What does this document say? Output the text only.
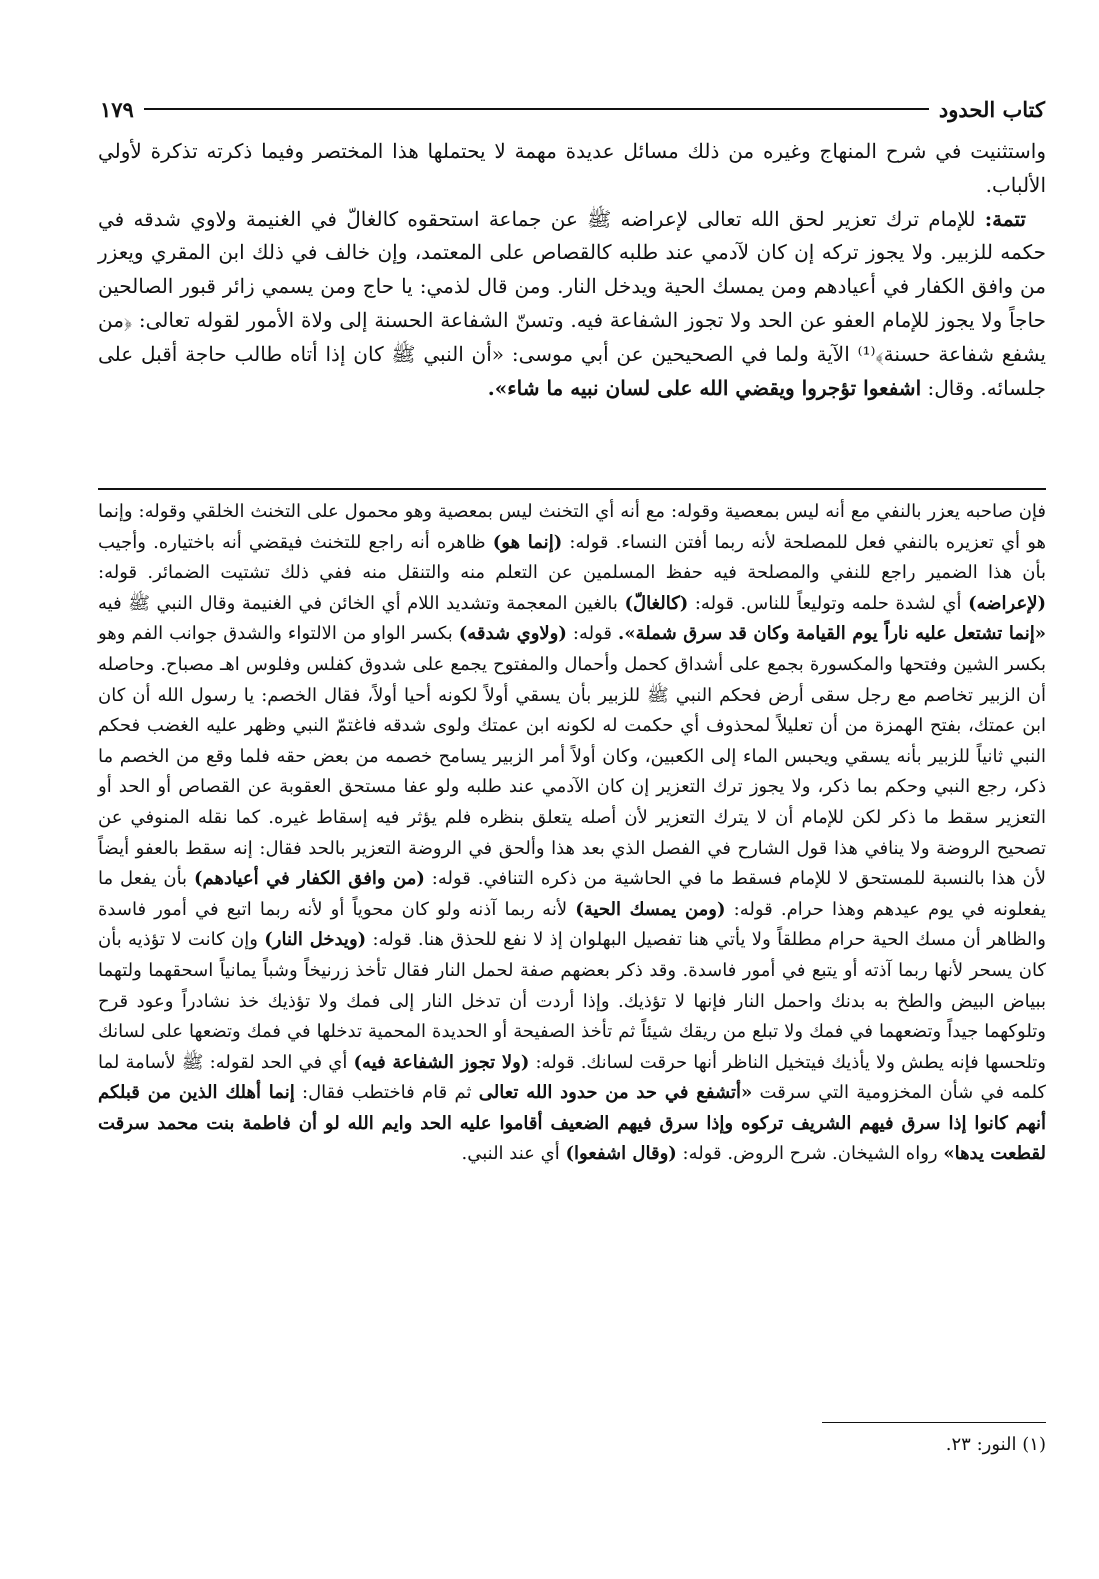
كتاب الحدود
١٧٩

واستثنيت في شرح المنهاج وغيره من ذلك مسائل عديدة مهمة لا يحتملها هذا المختصر وفيما ذكرته تذكرة لأولي الألباب.

 تتمة: للإمام ترك تعزير لحق الله تعالى لإعراضه ﷺ عن جماعة استحقوه كالغالّ في الغنيمة ولاوي شدقه في حكمه للزبير. ولا يجوز تركه إن كان لآدمي عند طلبه كالقصاص على المعتمد، وإن خالف في ذلك ابن المقري ويعزر من وافق الكفار في أعيادهم ومن يمسك الحية ويدخل النار. ومن قال لذمي: يا حاج ومن يسمي زائر قبور الصالحين حاجاً ولا يجوز للإمام العفو عن الحد ولا تجوز الشفاعة فيه. وتسنّ الشفاعة الحسنة إلى ولاة الأمور لقوله تعالى: ﴿من يشفع شفاعة حسنة﴾⁽¹⁾ الآية ولما في الصحيحين عن أبي موسى: «أن النبي ﷺ كان إذا أتاه طالب حاجة أقبل على جلسائه. وقال: اشفعوا تؤجروا ويقضي الله على لسان نبيه ما شاء».

فإن صاحبه يعزر بالنفي مع أنه ليس بمعصية وقوله: مع أنه أي التخنث ليس بمعصية وهو محمول على التخنث الخلقي وقوله: وإنما هو أي تعزيره بالنفي فعل للمصلحة لأنه ربما أفتن النساء. قوله: (إنما هو) ظاهره أنه راجع للتخنث فيقضي أنه باختياره. وأجيب بأن هذا الضمير راجع للنفي والمصلحة فيه حفظ المسلمين عن التعلم منه والتنقل منه ففي ذلك تشتيت الضمائر. قوله: (لإعراضه) أي لشدة حلمه وتوليعاً للناس. قوله: (كالغالّ) بالغين المعجمة وتشديد اللام أي الخائن في الغنيمة وقال النبي ﷺ فيه «إنما تشتعل عليه ناراً يوم القيامة وكان قد سرق شملة». قوله: (ولاوي شدقه) بكسر الواو من الالتواء والشدق جوانب الفم وهو بكسر الشين وفتحها والمكسورة بجمع على أشداق كحمل وأحمال والمفتوح يجمع على شدوق كفلس وفلوس اهـ مصباح. وحاصله أن الزبير تخاصم مع رجل سقى أرض فحكم النبي ﷺ للزبير بأن يسقي أولاً لكونه أحيا أولاً، فقال الخصم: يا رسول الله أن كان ابن عمتك، بفتح الهمزة من أن تعليلاً لمحذوف أي حكمت له لكونه ابن عمتك ولوى شدقه فاغتمّ النبي وظهر عليه الغضب فحكم النبي ثانياً للزبير بأنه يسقي ويحبس الماء إلى الكعبين، وكان أولاً أمر الزبير يسامح خصمه من بعض حقه فلما وقع من الخصم ما ذكر، رجع النبي وحكم بما ذكر، ولا يجوز ترك التعزير إن كان الآدمي عند طلبه ولو عفا مستحق العقوبة عن القصاص أو الحد أو التعزير سقط ما ذكر لكن للإمام أن لا يترك التعزير لأن أصله يتعلق بنظره فلم يؤثر فيه إسقاط غيره. كما نقله المنوفي عن تصحيح الروضة ولا ينافي هذا قول الشارح في الفصل الذي بعد هذا وألحق في الروضة التعزير بالحد فقال: إنه سقط بالعفو أيضاً لأن هذا بالنسبة للمستحق لا للإمام فسقط ما في الحاشية من ذكره التنافي. قوله: (من وافق الكفار في أعيادهم) بأن يفعل ما يفعلونه في يوم عيدهم وهذا حرام. قوله: (ومن يمسك الحية) لأنه ربما آذنه ولو كان محوياً أو لأنه ربما اتبع في أمور فاسدة والظاهر أن مسك الحية حرام مطلقاً ولا يأتي هنا تفصيل البهلوان إذ لا نفع للحذق هنا. قوله: (ويدخل النار) وإن كانت لا تؤذيه بأن كان يسحر لأنها ربما آذته أو يتبع في أمور فاسدة. وقد ذكر بعضهم صفة لحمل النار فقال تأخذ زرنيخاً وشباً يمانياً اسحقهما ولتهما ببياض البيض والطخ به بدنك واحمل النار فإنها لا تؤذيك. وإذا أردت أن تدخل النار إلى فمك ولا تؤذيك خذ نشادراً وعود قرح وتلوكهما جيداً وتضعهما في فمك ولا تبلع من ريقك شيئاً ثم تأخذ الصفيحة أو الحديدة المحمية تدخلها في فمك وتضعها على لسانك وتلحسها فإنه يطش ولا يأذيك فيتخيل الناظر أنها حرقت لسانك. قوله: (ولا تجوز الشفاعة فيه) أي في الحد لقوله: ﷺ لأسامة لما كلمه في شأن المخزومية التي سرقت «أتشفع في حد من حدود الله تعالى ثم قام فاختطب فقال: إنما أهلك الذين من قبلكم أنهم كانوا إذا سرق فيهم الشريف تركوه وإذا سرق فيهم الضعيف أقاموا عليه الحد وايم الله لو أن فاطمة بنت محمد سرقت لقطعت يدها» رواه الشيخان. شرح الروض. قوله: (وقال اشفعوا) أي عند النبي.

(١) النور: ٢٣.
